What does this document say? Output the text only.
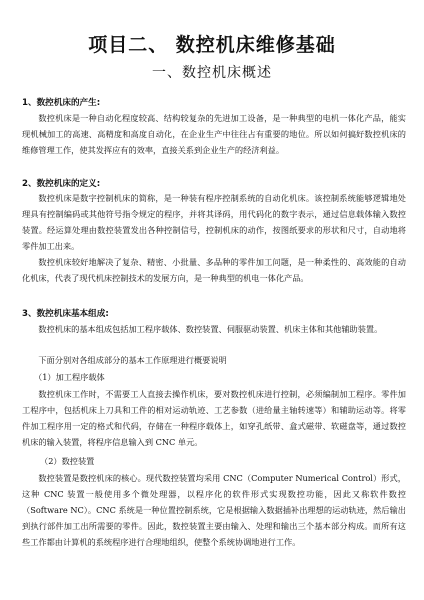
项目二、 数控机床维修基础
一、数控机床概述
1、数控机床的产生:

数控机床是一种自动化程度较高、结构较复杂的先进加工设备，是一种典型的电机一体化产品，能实现机械加工的高速、高精度和高度自动化，在企业生产中往往占有重要的地位。所以如何搞好数控机床的维修管理工作，使其发挥应有的效率，直接关系到企业生产的经济利益。

2、数控机床的定义:

数控机床是数字控制机床的简称，是一种装有程序控制系统的自动化机床。该控制系统能够逻辑地处理具有控制编码或其他符号指令规定的程序，并将其译码，用代码化的数字表示，通过信息载体输入数控装置。经运算处理由数控装置发出各种控制信号，控制机床的动作，按图纸要求的形状和尺寸，自动地将零件加工出来。

数控机床较好地解决了复杂、精密、小批量、多品种的零件加工问题，是一种柔性的、高效能的自动化机床，代表了现代机床控制技术的发展方向，是一种典型的机电一体化产品。

3、数控机床基本组成:

数控机床的基本组成包括加工程序载体、数控装置、伺服驱动装置、机床主体和其他辅助装置。

下面分别对各组成部分的基本工作原理进行概要说明

（1）加工程序载体

数控机床工作时，不需要工人直接去操作机床，要对数控机床进行控制，必须编制加工程序。零件加工程序中，包括机床上刀具和工件的相对运动轨迹、工艺参数（进给量主轴转速等）和辅助运动等。将零件加工程序用一定的格式和代码，存储在一种程序载体上，如穿孔纸带、盒式磁带、软磁盘等，通过数控机床的输入装置，将程序信息输入到 CNC 单元。

（2）数控装置

数控装置是数控机床的核心。现代数控装置均采用 CNC（Computer Numerical Control）形式，这种 CNC 装置一般使用多个微处理器，以程序化的软件形式实现数控功能，因此又称软件数控（Software NC）。CNC 系统是一种位置控制系统，它是根据输入数据插补出理想的运动轨迹，然后输出到执行部件加工出所需要的零件。因此，数控装置主要由输入、处理和输出三个基本部分构成。而所有这些工作都由计算机的系统程序进行合理地组织，使整个系统协调地进行工作。
